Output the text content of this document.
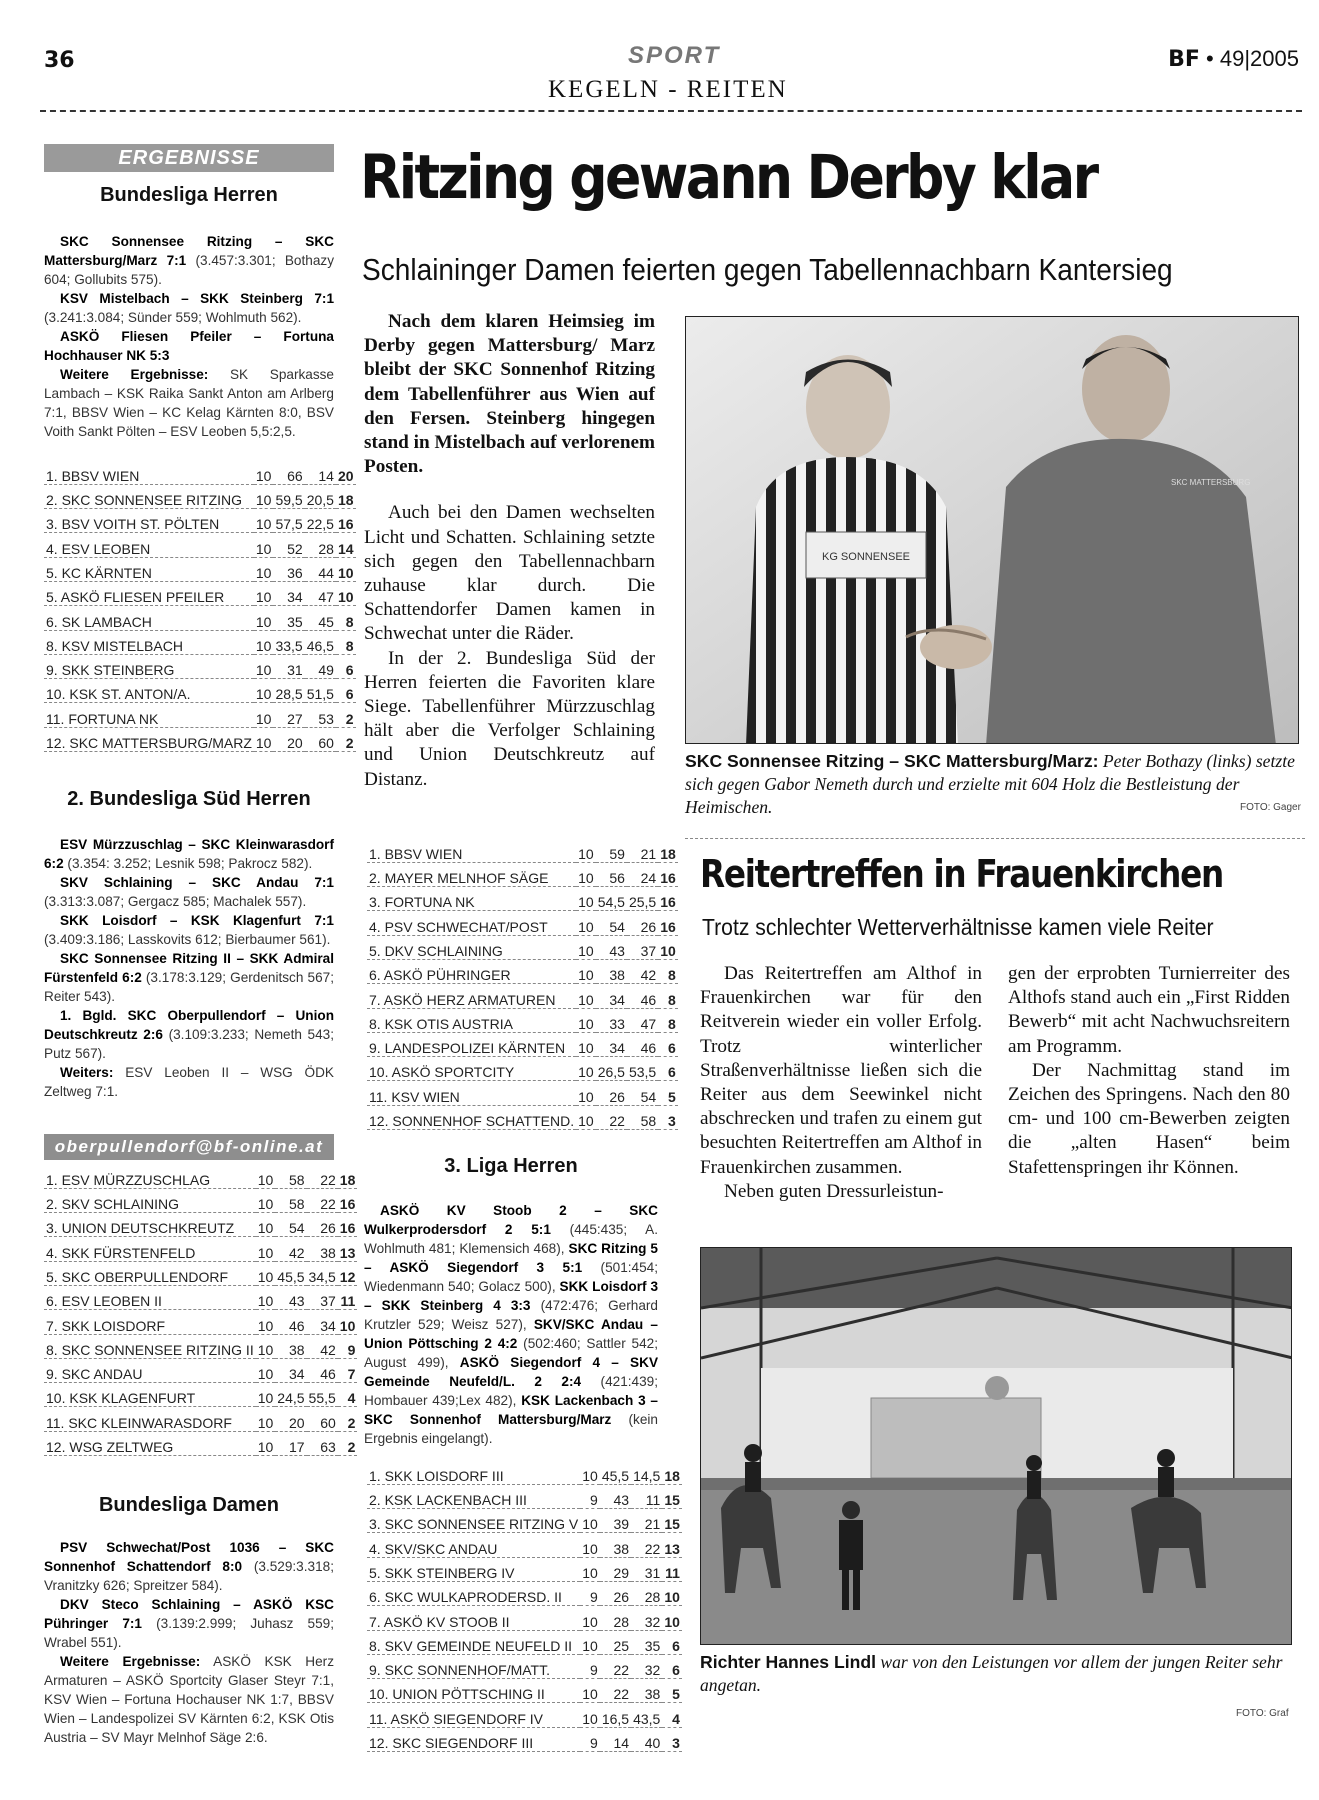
36	SPORT	BF • 49|2005
KEGELN - REITEN
ERGEBNISSE
Bundesliga Herren

SKC Sonnensee Ritzing – SKC Mattersburg/Marz 7:1 (3.457:3.301; Bothazy 604; Gollubits 575).

KSV Mistelbach – SKK Steinberg 7:1 (3.241:3.084; Sünder 559; Wohlmuth 562).

ASKÖ Fliesen Pfeiler – Fortuna Hochhauser NK 5:3

Weitere Ergebnisse: SK Sparkasse Lambach – KSK Raika Sankt Anton am Arlberg 7:1, BBSV Wien – KC Kelag Kärnten 8:0, BSV Voith Sankt Pölten – ESV Leoben 5,5:2,5.

1. BBSV WIEN	10	66	14	20
2. SKC SONNENSEE RITZING	10	59,5	20,5	18
3. BSV VOITH ST. PÖLTEN	10	57,5	22,5	16
4. ESV LEOBEN	10	52	28	14
5. KC KÄRNTEN	10	36	44	10
5. ASKÖ FLIESEN PFEILER	10	34	47	10
6. SK LAMBACH	10	35	45	8
8. KSV MISTELBACH	10	33,5	46,5	8
9. SKK STEINBERG	10	31	49	6
10. KSK ST. ANTON/A.	10	28,5	51,5	6
11. FORTUNA NK	10	27	53	2
12. SKC MATTERSBURG/MARZ	10	20	60	2
2. Bundesliga Süd Herren

ESV Mürzzuschlag – SKC Kleinwarasdorf 6:2 (3.354: 3.252; Lesnik 598; Pakrocz 582).

SKV Schlaining – SKC Andau 7:1 (3.313:3.087; Gergacz 585; Machalek 557).

SKK Loisdorf – KSK Klagenfurt 7:1 (3.409:3.186; Lasskovits 612; Bierbaumer 561).

SKC Sonnensee Ritzing II – SKK Admiral Fürstenfeld 6:2 (3.178:3.129; Gerdenitsch 567; Reiter 543).

1. Bgld. SKC Oberpullendorf – Union Deutschkreutz 2:6 (3.109:3.233; Nemeth 543; Putz 567).

Weiters: ESV Leoben II – WSG ÖDK Zeltweg 7:1.

oberpullendorf@bf-online.at
1. ESV MÜRZZUSCHLAG	10	58	22	18
2. SKV SCHLAINING	10	58	22	16
3. UNION DEUTSCHKREUTZ	10	54	26	16
4. SKK FÜRSTENFELD	10	42	38	13
5. SKC OBERPULLENDORF	10	45,5	34,5	12
6. ESV LEOBEN II	10	43	37	11
7. SKK LOISDORF	10	46	34	10
8. SKC SONNENSEE RITZING II	10	38	42	9
9. SKC ANDAU	10	34	46	7
10. KSK KLAGENFURT	10	24,5	55,5	4
11. SKC KLEINWARASDORF	10	20	60	2
12. WSG ZELTWEG	10	17	63	2
Bundesliga Damen

PSV Schwechat/Post 1036 – SKC Sonnenhof Schattendorf 8:0 (3.529:3.318; Vranitzky 626; Spreitzer 584).

DKV Steco Schlaining – ASKÖ KSC Pühringer 7:1 (3.139:2.999; Juhasz 559; Wrabel 551).

Weitere Ergebnisse: ASKÖ KSK Herz Armaturen – ASKÖ Sportcity Glaser Steyr 7:1, KSV Wien – Fortuna Hochauser NK 1:7, BBSV Wien – Landespolizei SV Kärnten 6:2, KSK Otis Austria – SV Mayr Melnhof Säge 2:6.

Ritzing gewann Derby klar
Schlaininger Damen feierten gegen Tabellennachbarn Kantersieg

Nach dem klaren Heimsieg im Derby gegen Mattersburg/ Marz bleibt der SKC Sonnenhof Ritzing dem Tabellenführer aus Wien auf den Fersen. Steinberg hingegen stand in Mistelbach auf verlorenem Posten.

Auch bei den Damen wechselten Licht und Schatten. Schlaining setzte sich gegen den Tabellennachbarn zuhause klar durch. Die Schattendorfer Damen kamen in Schwechat unter die Räder.

In der 2. Bundesliga Süd der Herren feierten die Favoriten klare Siege. Tabellenführer Mürzzuschlag hält aber die Verfolger Schlaining und Union Deutschkreutz auf Distanz.

KG SONNENSEE
SKC MATTERSBURG
SKC Sonnensee Ritzing – SKC Mattersburg/Marz: Peter Bothazy (links) setzte sich gegen Gabor Nemeth durch und erzielte mit 604 Holz die Bestleistung der Heimischen.	FOTO: Gager
1. BBSV WIEN	10	59	21	18
2. MAYER MELNHOF SÄGE	10	56	24	16
3. FORTUNA NK	10	54,5	25,5	16
4. PSV SCHWECHAT/POST	10	54	26	16
5. DKV SCHLAINING	10	43	37	10
6. ASKÖ PÜHRINGER	10	38	42	8
7. ASKÖ HERZ ARMATUREN	10	34	46	8
8. KSK OTIS AUSTRIA	10	33	47	8
9. LANDESPOLIZEI KÄRNTEN	10	34	46	6
10. ASKÖ SPORTCITY	10	26,5	53,5	6
11. KSV WIEN	10	26	54	5
12. SONNENHOF SCHATTEND.	10	22	58	3
3. Liga Herren

ASKÖ KV Stoob 2 – SKC Wulkerprodersdorf 2 5:1 (445:435; A. Wohlmuth 481; Klemensich 468), SKC Ritzing 5 – ASKÖ Siegendorf 3 5:1 (501:454; Wiedenmann 540; Golacz 500), SKK Loisdorf 3 – SKK Steinberg 4 3:3 (472:476; Gerhard Krutzler 529; Weisz 527), SKV/SKC Andau – Union Pöttsching 2 4:2 (502:460; Sattler 542; August 499), ASKÖ Siegendorf 4 – SKV Gemeinde Neufeld/L. 2 2:4 (421:439; Hombauer 439;Lex 482), KSK Lackenbach 3 – SKC Sonnenhof Mattersburg/Marz (kein Ergebnis eingelangt).

1. SKK LOISDORF III	10	45,5	14,5	18
2. KSK LACKENBACH III	9	43	11	15
3. SKC SONNENSEE RITZING V	10	39	21	15
4. SKV/SKC ANDAU	10	38	22	13
5. SKK STEINBERG IV	10	29	31	11
6. SKC WULKAPRODERSD. II	9	26	28	10
7. ASKÖ KV STOOB II	10	28	32	10
8. SKV GEMEINDE NEUFELD II	10	25	35	6
9. SKC SONNENHOF/MATT.	9	22	32	6
10. UNION PÖTTSCHING II	10	22	38	5
11. ASKÖ SIEGENDORF IV	10	16,5	43,5	4
12. SKC SIEGENDORF III	9	14	40	3
Reitertreffen in Frauenkirchen
Trotz schlechter Wetterverhältnisse kamen viele Reiter

Das Reitertreffen am Althof in Frauenkirchen war für den Reitverein wieder ein voller Erfolg. Trotz winterlicher Straßenverhältnisse ließen sich die Reiter aus dem Seewinkel nicht abschrecken und trafen zu einem gut besuchten Reitertreffen am Althof in Frauenkirchen zusammen.

Neben guten Dressurleistun-

gen der erprobten Turnierreiter des Althofs stand auch ein „First Ridden Bewerb“ mit acht Nachwuchsreitern am Programm.

Der Nachmittag stand im Zeichen des Springens. Nach den 80 cm- und 100 cm-Bewerben zeigten die „alten Hasen“ beim Stafettenspringen ihr Können.

Richter Hannes Lindl war von den Leistungen vor allem der jungen Reiter sehr angetan.
FOTO: Graf
